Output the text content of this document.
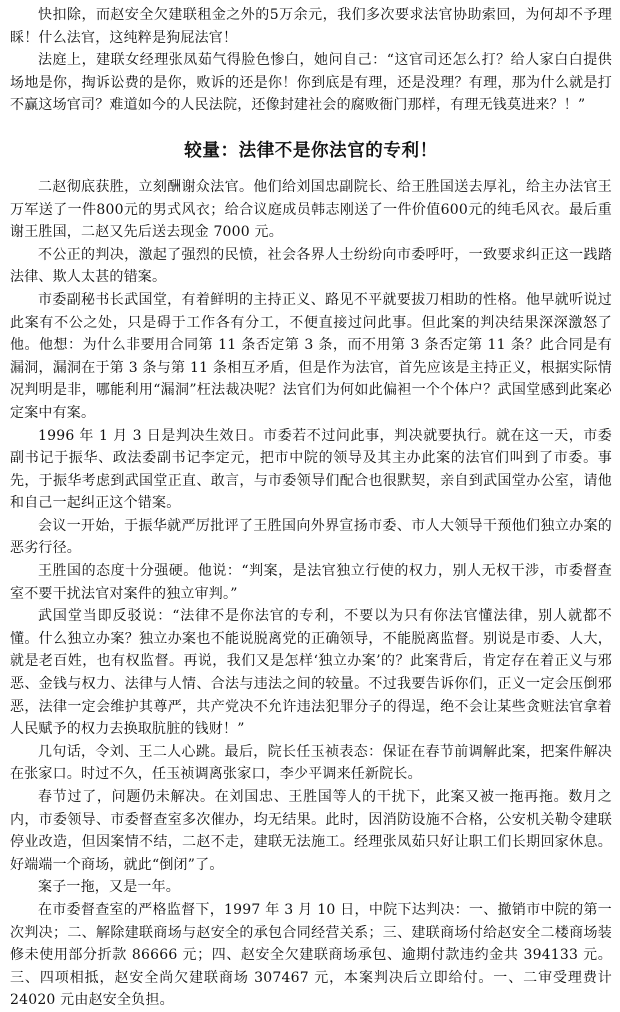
快扣除，而赵安全欠建联租金之外的5万余元，我们多次要求法官协助索回，为何却不予理睬！什么法官，这纯粹是狗屁法官！

法庭上，建联女经理张凤茹气得脸色惨白，她问自己：“这官司还怎么打？给人家白白提供场地是你，掏诉讼费的是你，败诉的还是你！你到底是有理，还是没理？有理，那为什么就是打不赢这场官司？难道如今的人民法院，还像封建社会的腐败衙门那样，有理无钱莫进来？！”

较量：法律不是你法官的专利！

二赵彻底获胜，立刻酬谢众法官。他们给刘国忠副院长、给王胜国送去厚礼，给主办法官王万军送了一件800元的男式风衣；给合议庭成员韩志刚送了一件价值600元的纯毛风衣。最后重谢王胜国，二赵又先后送去现金 7000 元。

不公正的判决，激起了强烈的民愤，社会各界人士纷纷向市委呼吁，一致要求纠正这一践踏法律、欺人太甚的错案。

市委副秘书长武国堂，有着鲜明的主持正义、路见不平就要拔刀相助的性格。他早就听说过此案有不公之处，只是碍于工作各有分工，不便直接过问此事。但此案的判决结果深深激怒了他。他想：为什么非要用合同第 11 条否定第 3 条，而不用第 3 条否定第 11 条？此合同是有漏洞，漏洞在于第 3 条与第 11 条相互矛盾，但是作为法官，首先应该是主持正义，根据实际情况判明是非，哪能利用“漏洞”枉法裁决呢？法官们为何如此偏袒一个个体户？武国堂感到此案必定案中有案。

1996 年 1 月 3 日是判决生效日。市委若不过问此事，判决就要执行。就在这一天，市委副书记于振华、政法委副书记李定元，把市中院的领导及其主办此案的法官们叫到了市委。事先，于振华考虑到武国堂正直、敢言，与市委领导们配合也很默契，亲自到武国堂办公室，请他和自己一起纠正这个错案。

会议一开始，于振华就严厉批评了王胜国向外界宣扬市委、市人大领导干预他们独立办案的恶劣行径。

王胜国的态度十分强硬。他说：“判案，是法官独立行使的权力，别人无权干涉，市委督查室不要干扰法官对案件的独立审判。”

武国堂当即反驳说：“法律不是你法官的专利，不要以为只有你法官懂法律，别人就都不懂。什么独立办案？独立办案也不能说脱离党的正确领导，不能脱离监督。别说是市委、人大，就是老百姓，也有权监督。再说，我们又是怎样‘独立办案’的？此案背后，肯定存在着正义与邪恶、金钱与权力、法律与人情、合法与违法之间的较量。不过我要告诉你们，正义一定会压倒邪恶，法律一定会维护其尊严，共产党决不允许违法犯罪分子的得逞，绝不会让某些贪赃法官拿着人民赋予的权力去换取肮脏的钱财！”

几句话，令刘、王二人心跳。最后，院长任玉祯表态：保证在春节前调解此案，把案件解决在张家口。时过不久，任玉祯调离张家口，李少平调来任新院长。

春节过了，问题仍未解决。在刘国忠、王胜国等人的干扰下，此案又被一拖再拖。数月之内，市委领导、市委督查室多次催办，均无结果。此时，因消防设施不合格，公安机关勒令建联停业改造，但因案情不结，二赵不走，建联无法施工。经理张凤茹只好让职工们长期回家休息。好端端一个商场，就此“倒闭”了。

案子一拖，又是一年。

在市委督查室的严格监督下，1997 年 3 月 10 日，中院下达判决：一、撤销市中院的第一次判决；二、解除建联商场与赵安全的承包合同经营关系；三、建联商场付给赵安全二楼商场装修未使用部分折款 86666 元；四、赵安全欠建联商场承包、逾期付款违约金共 394133 元。三、四项相抵，赵安全尚欠建联商场 307467 元，本案判决后立即给付。一、二审受理费计 24020 元由赵安全负担。
